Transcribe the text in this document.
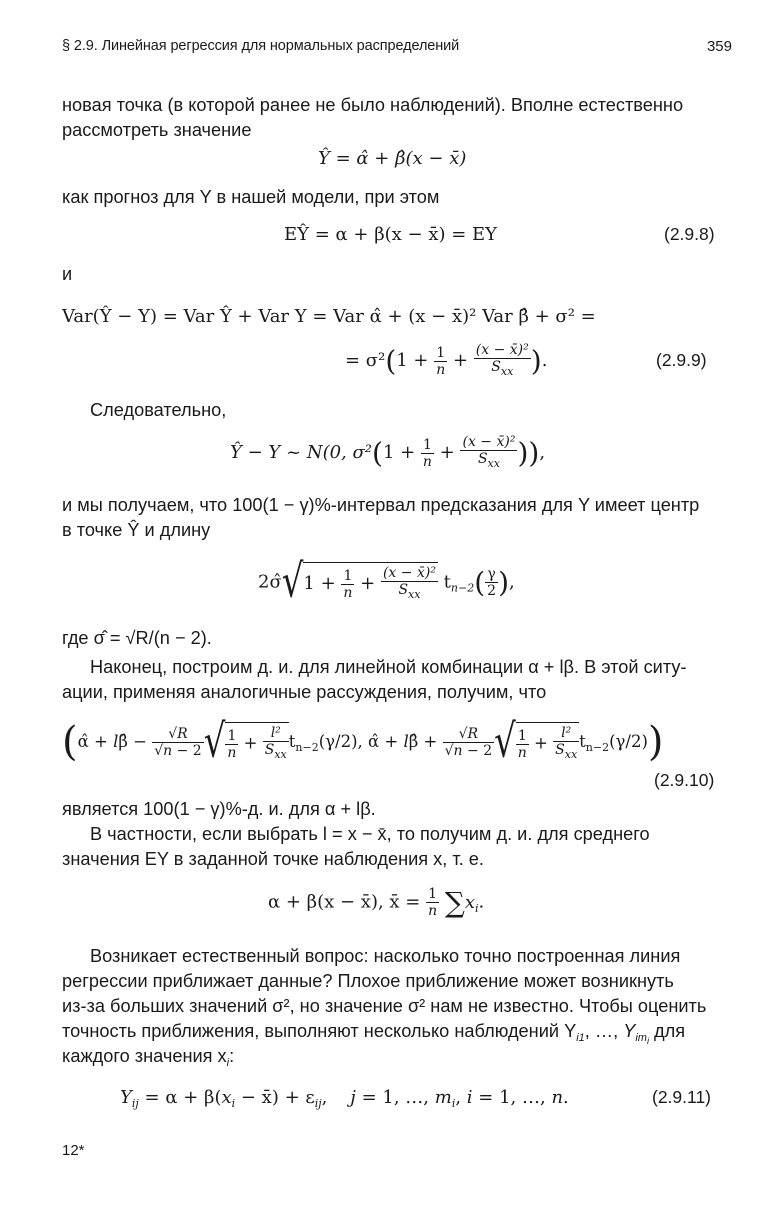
§ 2.9. Линейная регрессия для нормальных распределений	359
новая точка (в которой ранее не было наблюдений). Вполне естественно
рассмотреть значение
Ŷ = α̂ + β̂(x − x̄)
как прогноз для Y в нашей модели, при этом
EŶ = α + β(x − x̄) = EY	(2.9.8)
и
Var(Ŷ − Y) = Var Ŷ + Var Y = Var α̂ + (x − x̄)² Var β̂ + σ² =
= $\sigma^2(1 + \frac{1}{n} + \frac{\text{(x − x̄)²}}{S_{xx}}$ ).	(2.9.9)
Следовательно,
Ŷ − Y ~ N(0, $\sigma^2(1 + \frac{1}{n} + \frac{\text{(x − x̄)²}}{S_{xx}}$ )),
и мы получаем, что 100(1 − γ)%-интервал предсказания для Y имеет центр
в точке Ŷ и длину
2σ̂√1 + $\frac{1}{n} + \frac{\text{(x − x̄)²}}{S_{xx}} t_{n-2}( \frac{\gamma}{2}$ ),
где σ̂ = √R/(n − 2).
Наконец, построим д. и. для линейной комбинации α + lβ. В этой ситу-
ации, применяя аналогичные рассуждения, получим, что
(α̂ + lβ̂ − $\frac{√R}{√n - 2}$ √ $\frac{1}{n} + \frac{\text{l²}}{S_{xx}} t_{n-2}(\gamma/2)$, α̂ + lβ̂ + $\frac{√R}{√n - 2}$ √ $\frac{1}{n} + \frac{\text{l²}}{S_{xx}} t_{n-2}(\gamma/2)$)
(2.9.10)
является 100(1 − γ)%-д. и. для α + lβ.
В частности, если выбрать l = x − x̄, то получим д. и. для среднего
значения EY в заданной точке наблюдения x, т. е.
α + β(x − x̄), x̄ = $\frac{1}{n} \sum x_i$.
Возникает естественный вопрос: насколько точно построенная линия
регрессии приближает данные? Плохое приближение может возникнуть
из-за больших значений σ², но значение σ² нам не известно. Чтобы оценить
точность приближения, выполняют несколько наблюдений $Y_{i1}$, …, $Y_{im_i}$ для
каждого значения $x_i$:
$Y_{ij} = \alpha + \beta(x_i$ − x̄) + $\varepsilon_{ij}$,    j = 1, …, $m_i$, i = 1, …, n.	(2.9.11)
12*
